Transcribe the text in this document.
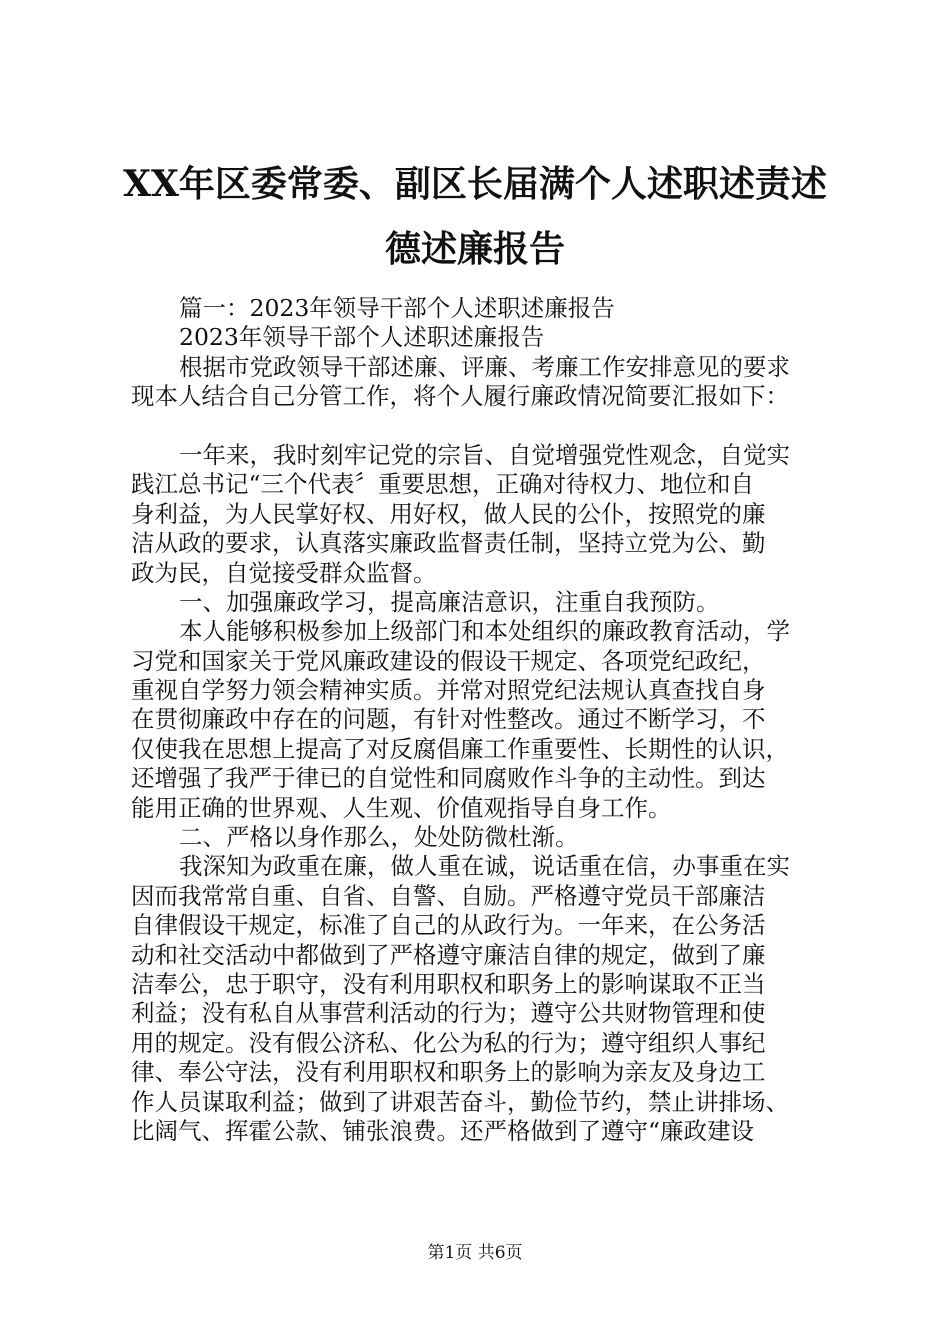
XX年区委常委、副区长届满个人述职述责述
德述廉报告
篇一：2023年领导干部个人述职述廉报告
2023年领导干部个人述职述廉报告
根据市党政领导干部述廉、评廉、考廉工作安排意见的要求
现本人结合自己分管工作，将个人履行廉政情况简要汇报如下：
一年来，我时刻牢记党的宗旨、自觉增强党性观念，自觉实
践江总书记“三个代表〞重要思想，正确对待权力、地位和自
身利益，为人民掌好权、用好权，做人民的公仆，按照党的廉
洁从政的要求，认真落实廉政监督责任制，坚持立党为公、勤
政为民，自觉接受群众监督。
一、加强廉政学习，提高廉洁意识，注重自我预防。
本人能够积极参加上级部门和本处组织的廉政教育活动，学
习党和国家关于党风廉政建设的假设干规定、各项党纪政纪，
重视自学努力领会精神实质。并常对照党纪法规认真查找自身
在贯彻廉政中存在的问题，有针对性整改。通过不断学习，不
仅使我在思想上提高了对反腐倡廉工作重要性、长期性的认识，
还增强了我严于律已的自觉性和同腐败作斗争的主动性。到达
能用正确的世界观、人生观、价值观指导自身工作。
二、严格以身作那么，处处防微杜渐。
我深知为政重在廉，做人重在诚，说话重在信，办事重在实
因而我常常自重、自省、自警、自励。严格遵守党员干部廉洁
自律假设干规定，标准了自己的从政行为。一年来，在公务活
动和社交活动中都做到了严格遵守廉洁自律的规定，做到了廉
洁奉公，忠于职守，没有利用职权和职务上的影响谋取不正当
利益；没有私自从事营利活动的行为；遵守公共财物管理和使
用的规定。没有假公济私、化公为私的行为；遵守组织人事纪
律、奉公守法，没有利用职权和职务上的影响为亲友及身边工
作人员谋取利益；做到了讲艰苦奋斗，勤俭节约，禁止讲排场、
比阔气、挥霍公款、铺张浪费。还严格做到了遵守“廉政建设
第1页 共6页
